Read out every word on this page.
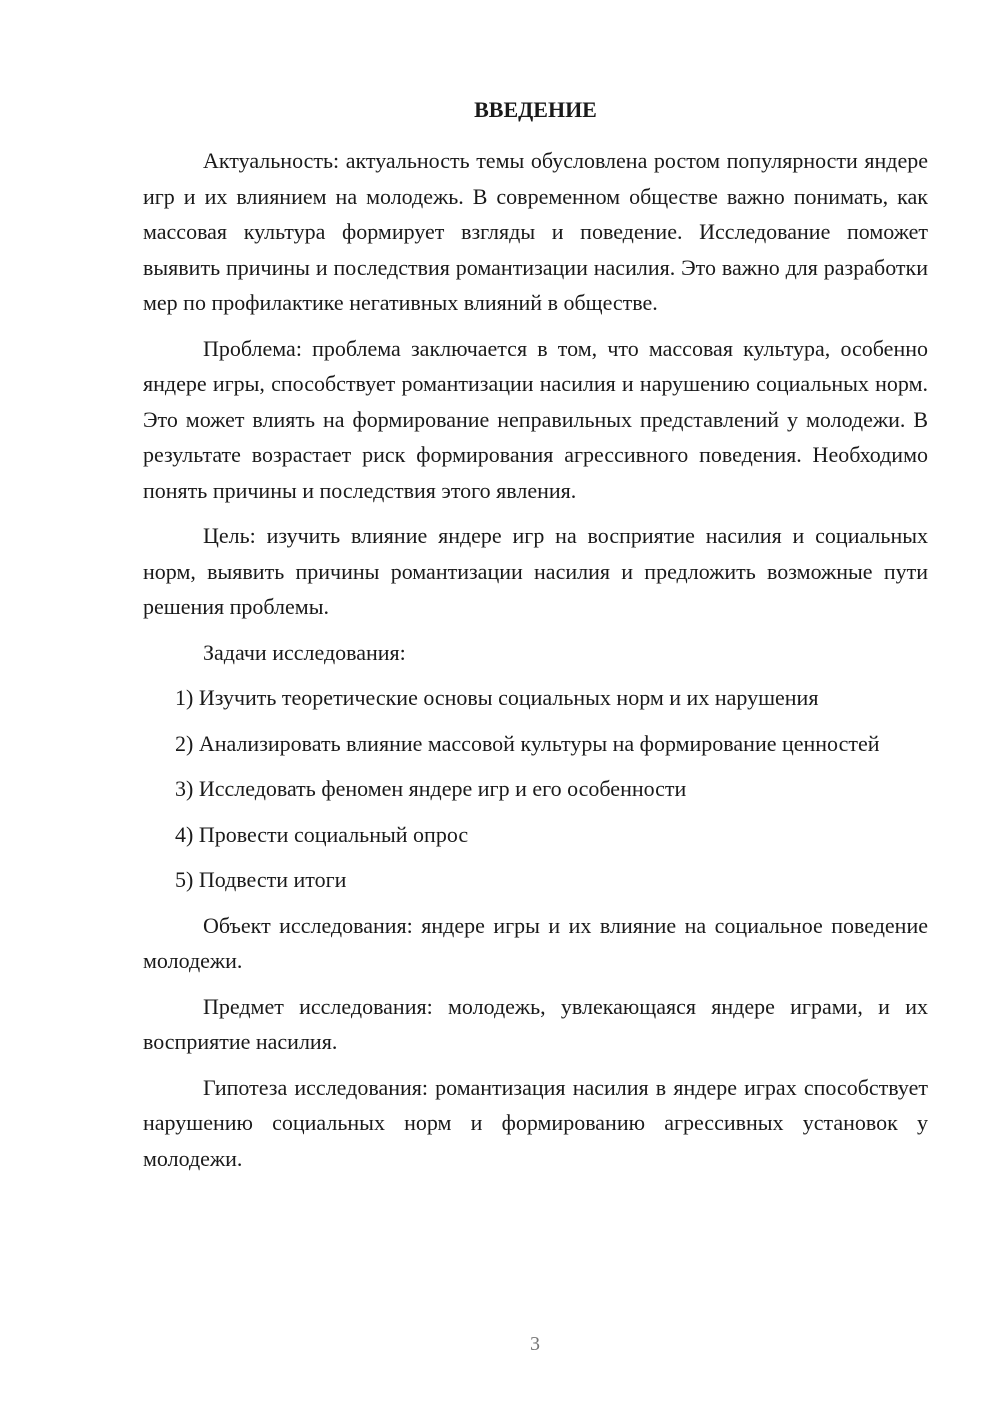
ВВЕДЕНИЕ

Актуальность: актуальность темы обусловлена ростом популярности яндере игр и их влиянием на молодежь. В современном обществе важно понимать, как массовая культура формирует взгляды и поведение. Исследование поможет выявить причины и последствия романтизации насилия. Это важно для разработки мер по профилактике негативных влияний в обществе.

Проблема: проблема заключается в том, что массовая культура, особенно яндере игры, способствует романтизации насилия и нарушению социальных норм. Это может влиять на формирование неправильных представлений у молодежи. В результате возрастает риск формирования агрессивного поведения. Необходимо понять причины и последствия этого явления.

Цель: изучить влияние яндере игр на восприятие насилия и социальных норм, выявить причины романтизации насилия и предложить возможные пути решения проблемы.

Задачи исследования:

1) Изучить теоретические основы социальных норм и их нарушения
2) Анализировать влияние массовой культуры на формирование ценностей
3) Исследовать феномен яндере игр и его особенности
4) Провести социальный опрос
5) Подвести итоги

Объект исследования: яндере игры и их влияние на социальное поведение молодежи.

Предмет исследования: молодежь, увлекающаяся яндере играми, и их восприятие насилия.

Гипотеза исследования: романтизация насилия в яндере играх способствует нарушению социальных норм и формированию агрессивных установок у молодежи.

3
